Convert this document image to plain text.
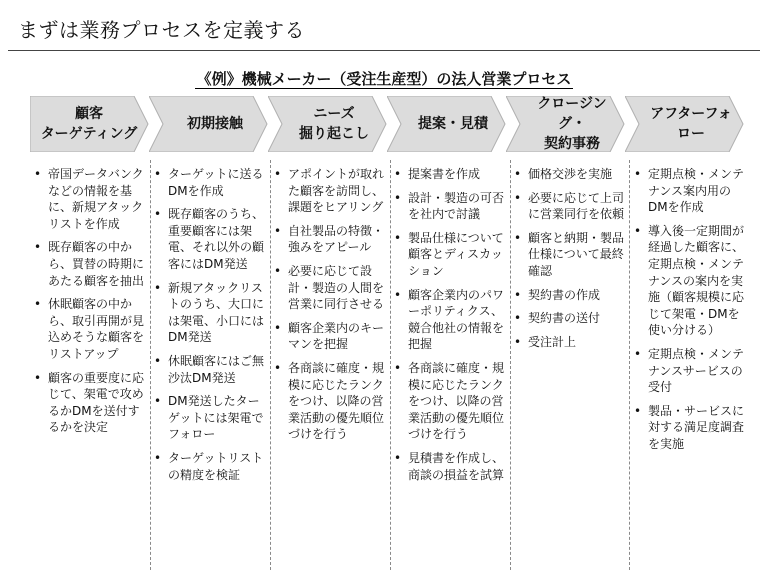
まずは業務プロセスを定義する
《例》機械メーカー（受注生産型）の法人営業プロセス
顧客
ターゲティング
初期接触
ニーズ
掘り起こし
提案・見積
クロージング・
契約事務
アフターフォロー
• 帝国データバンクなどの情報を基に、新規アタックリストを作成
• 既存顧客の中から、買替の時期にあたる顧客を抽出
• 休眠顧客の中から、取引再開が見込めそうな顧客をリストアップ
• 顧客の重要度に応じて、架電で攻めるかDMを送付するかを決定
• ターゲットに送るDMを作成
• 既存顧客のうち、重要顧客には架電、それ以外の顧客にはDM発送
• 新規アタックリストのうち、大口には架電、小口にはDM発送
• 休眠顧客にはご無沙汰DM発送
• DM発送したターゲットには架電でフォロー
• ターゲットリストの精度を検証
• アポイントが取れた顧客を訪問し、課題をヒアリング
• 自社製品の特徴・強みをアピール
• 必要に応じて設計・製造の人間を営業に同行させる
• 顧客企業内のキーマンを把握
• 各商談に確度・規模に応じたランクをつけ、以降の営業活動の優先順位づけを行う
• 提案書を作成
• 設計・製造の可否を社内で討議
• 製品仕様について顧客とディスカッション
• 顧客企業内のパワーポリティクス、競合他社の情報を把握
• 各商談に確度・規模に応じたランクをつけ、以降の営業活動の優先順位づけを行う
• 見積書を作成し、商談の損益を試算
• 価格交渉を実施
• 必要に応じて上司に営業同行を依頼
• 顧客と納期・製品仕様について最終確認
• 契約書の作成
• 契約書の送付
• 受注計上
• 定期点検・メンテナンス案内用のDMを作成
• 導入後一定期間が経過した顧客に、定期点検・メンテナンスの案内を実施（顧客規模に応じて架電・DMを使い分ける）
• 定期点検・メンテナンスサービスの受付
• 製品・サービスに対する満足度調査を実施
